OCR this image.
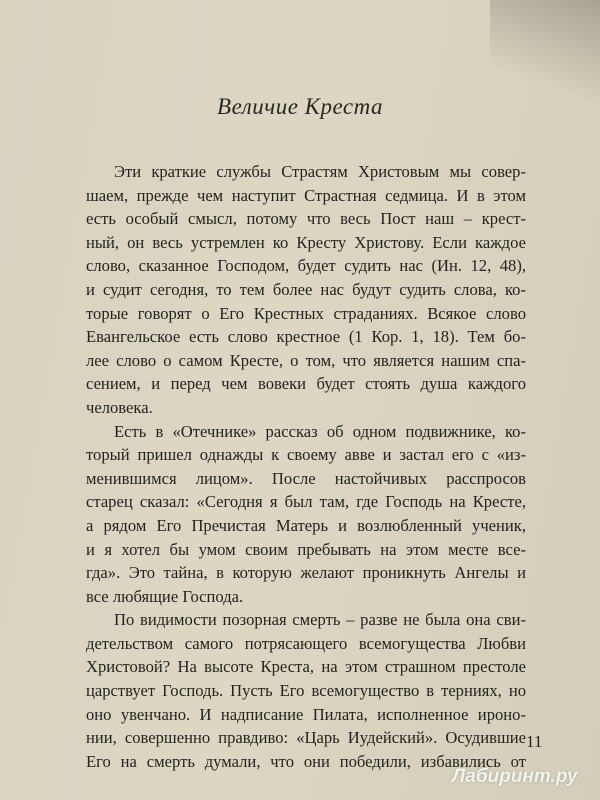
Величие Креста
Эти краткие службы Страстям Христовым мы совер-
шаем, прежде чем наступит Страстная седмица. И в этом
есть особый смысл, потому что весь Пост наш – крест-
ный, он весь устремлен ко Кресту Христову. Если каждое
слово, сказанное Господом, будет судить нас (Ин. 12, 48),
и судит сегодня, то тем более нас будут судить слова, ко-
торые говорят о Его Крестных страданиях. Всякое слово
Евангельское есть слово крестное (1 Кор. 1, 18). Тем бо-
лее слово о самом Кресте, о том, что является нашим спа-
сением, и перед чем вовеки будет стоять душа каждого
человека.
Есть в «Отечнике» рассказ об одном подвижнике, ко-
торый пришел однажды к своему авве и застал его с «из-
менившимся лицом». После настойчивых расспросов
старец сказал: «Сегодня я был там, где Господь на Кресте,
а рядом Его Пречистая Матерь и возлюбленный ученик,
и я хотел бы умом своим пребывать на этом месте все-
гда». Это тайна, в которую желают проникнуть Ангелы и
все любящие Господа.
По видимости позорная смерть – разве не была она сви-
детельством самого потрясающего всемогущества Любви
Христовой? На высоте Креста, на этом страшном престоле
царствует Господь. Пусть Его всемогущество в терниях, но
оно увенчано. И надписание Пилата, исполненное ироно-
нии, совершенно правдиво: «Царь Иудейский». Осудившие
Его на смерть думали, что они победили, избавились от
11
Лабиринт.ру
